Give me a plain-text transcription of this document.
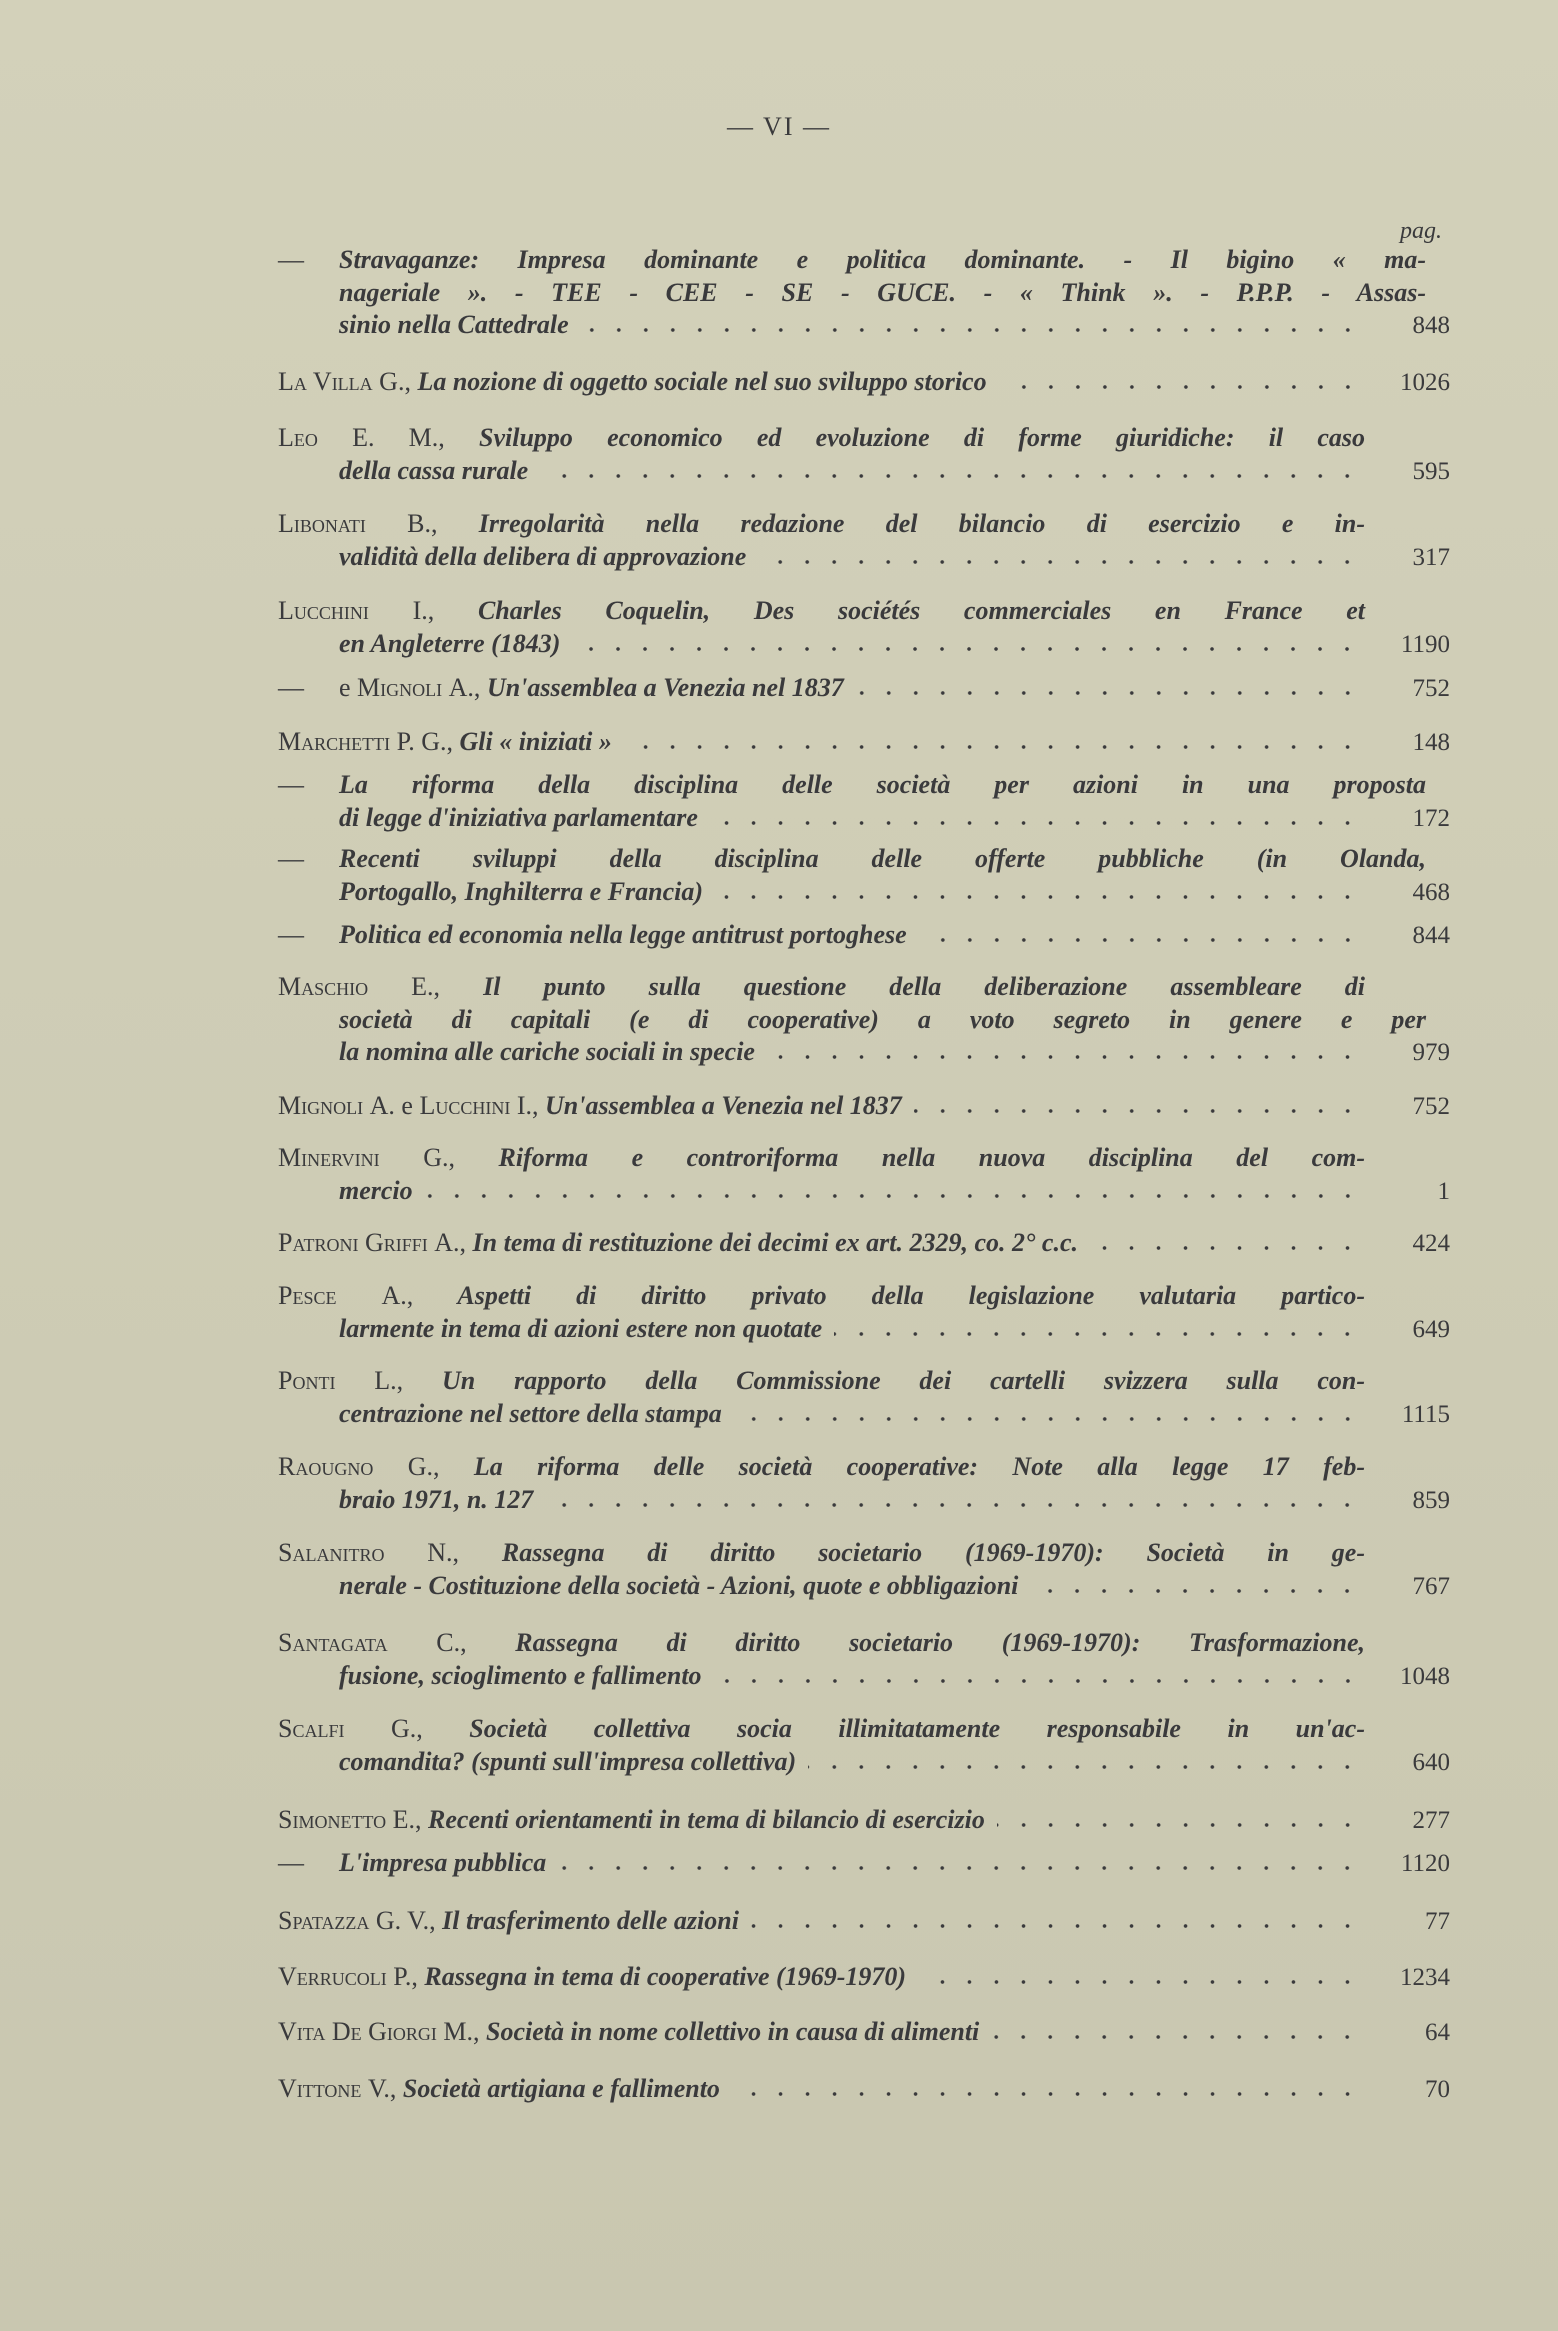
— VI —
pag.
—	Stravaganze: Impresa dominante e politica dominante. - Il bigino « ma-
nageriale ». - TEE - CEE - SE - GUCE. - « Think ». - P.P.P. - Assas-
sinio nella Cattedrale	848
La Villa G., La nozione di oggetto sociale nel suo sviluppo storico	1026
Leo E. M., Sviluppo economico ed evoluzione di forme giuridiche: il caso
della cassa rurale	595
Libonati B., Irregolarità nella redazione del bilancio di esercizio e in-
validità della delibera di approvazione	317
Lucchini I., Charles Coquelin, Des sociétés commerciales en France et
en Angleterre (1843)	1190
—	e Mignoli A., Un'assemblea a Venezia nel 1837	752
Marchetti P. G., Gli « iniziati »	148
—	La riforma della disciplina delle società per azioni in una proposta
di legge d'iniziativa parlamentare	172
—	Recenti sviluppi della disciplina delle offerte pubbliche (in Olanda,
Portogallo, Inghilterra e Francia)	468
—	Politica ed economia nella legge antitrust portoghese	844
Maschio E., Il punto sulla questione della deliberazione assembleare di
società di capitali (e di cooperative) a voto segreto in genere e per
la nomina alle cariche sociali in specie	979
Mignoli A. e Lucchini I., Un'assemblea a Venezia nel 1837	752
Minervini G., Riforma e controriforma nella nuova disciplina del com-
mercio	1
Patroni Griffi A., In tema di restituzione dei decimi ex art. 2329, co. 2° c.c.	424
Pesce A., Aspetti di diritto privato della legislazione valutaria partico-
larmente in tema di azioni estere non quotate	649
Ponti L., Un rapporto della Commissione dei cartelli svizzera sulla con-
centrazione nel settore della stampa	1115
Raougno G., La riforma delle società cooperative: Note alla legge 17 feb-
braio 1971, n. 127	859
Salanitro N., Rassegna di diritto societario (1969-1970): Società in ge-
nerale - Costituzione della società - Azioni, quote e obbligazioni	767
Santagata C., Rassegna di diritto societario (1969-1970): Trasformazione,
fusione, scioglimento e fallimento	1048
Scalfi G., Società collettiva socia illimitatamente responsabile in un'ac-
comandita? (spunti sull'impresa collettiva)	640
Simonetto E., Recenti orientamenti in tema di bilancio di esercizio	277
—	L'impresa pubblica	1120
Spatazza G. V., Il trasferimento delle azioni	77
Verrucoli P., Rassegna in tema di cooperative (1969-1970)	1234
Vita De Giorgi M., Società in nome collettivo in causa di alimenti	64
Vittone V., Società artigiana e fallimento	70
